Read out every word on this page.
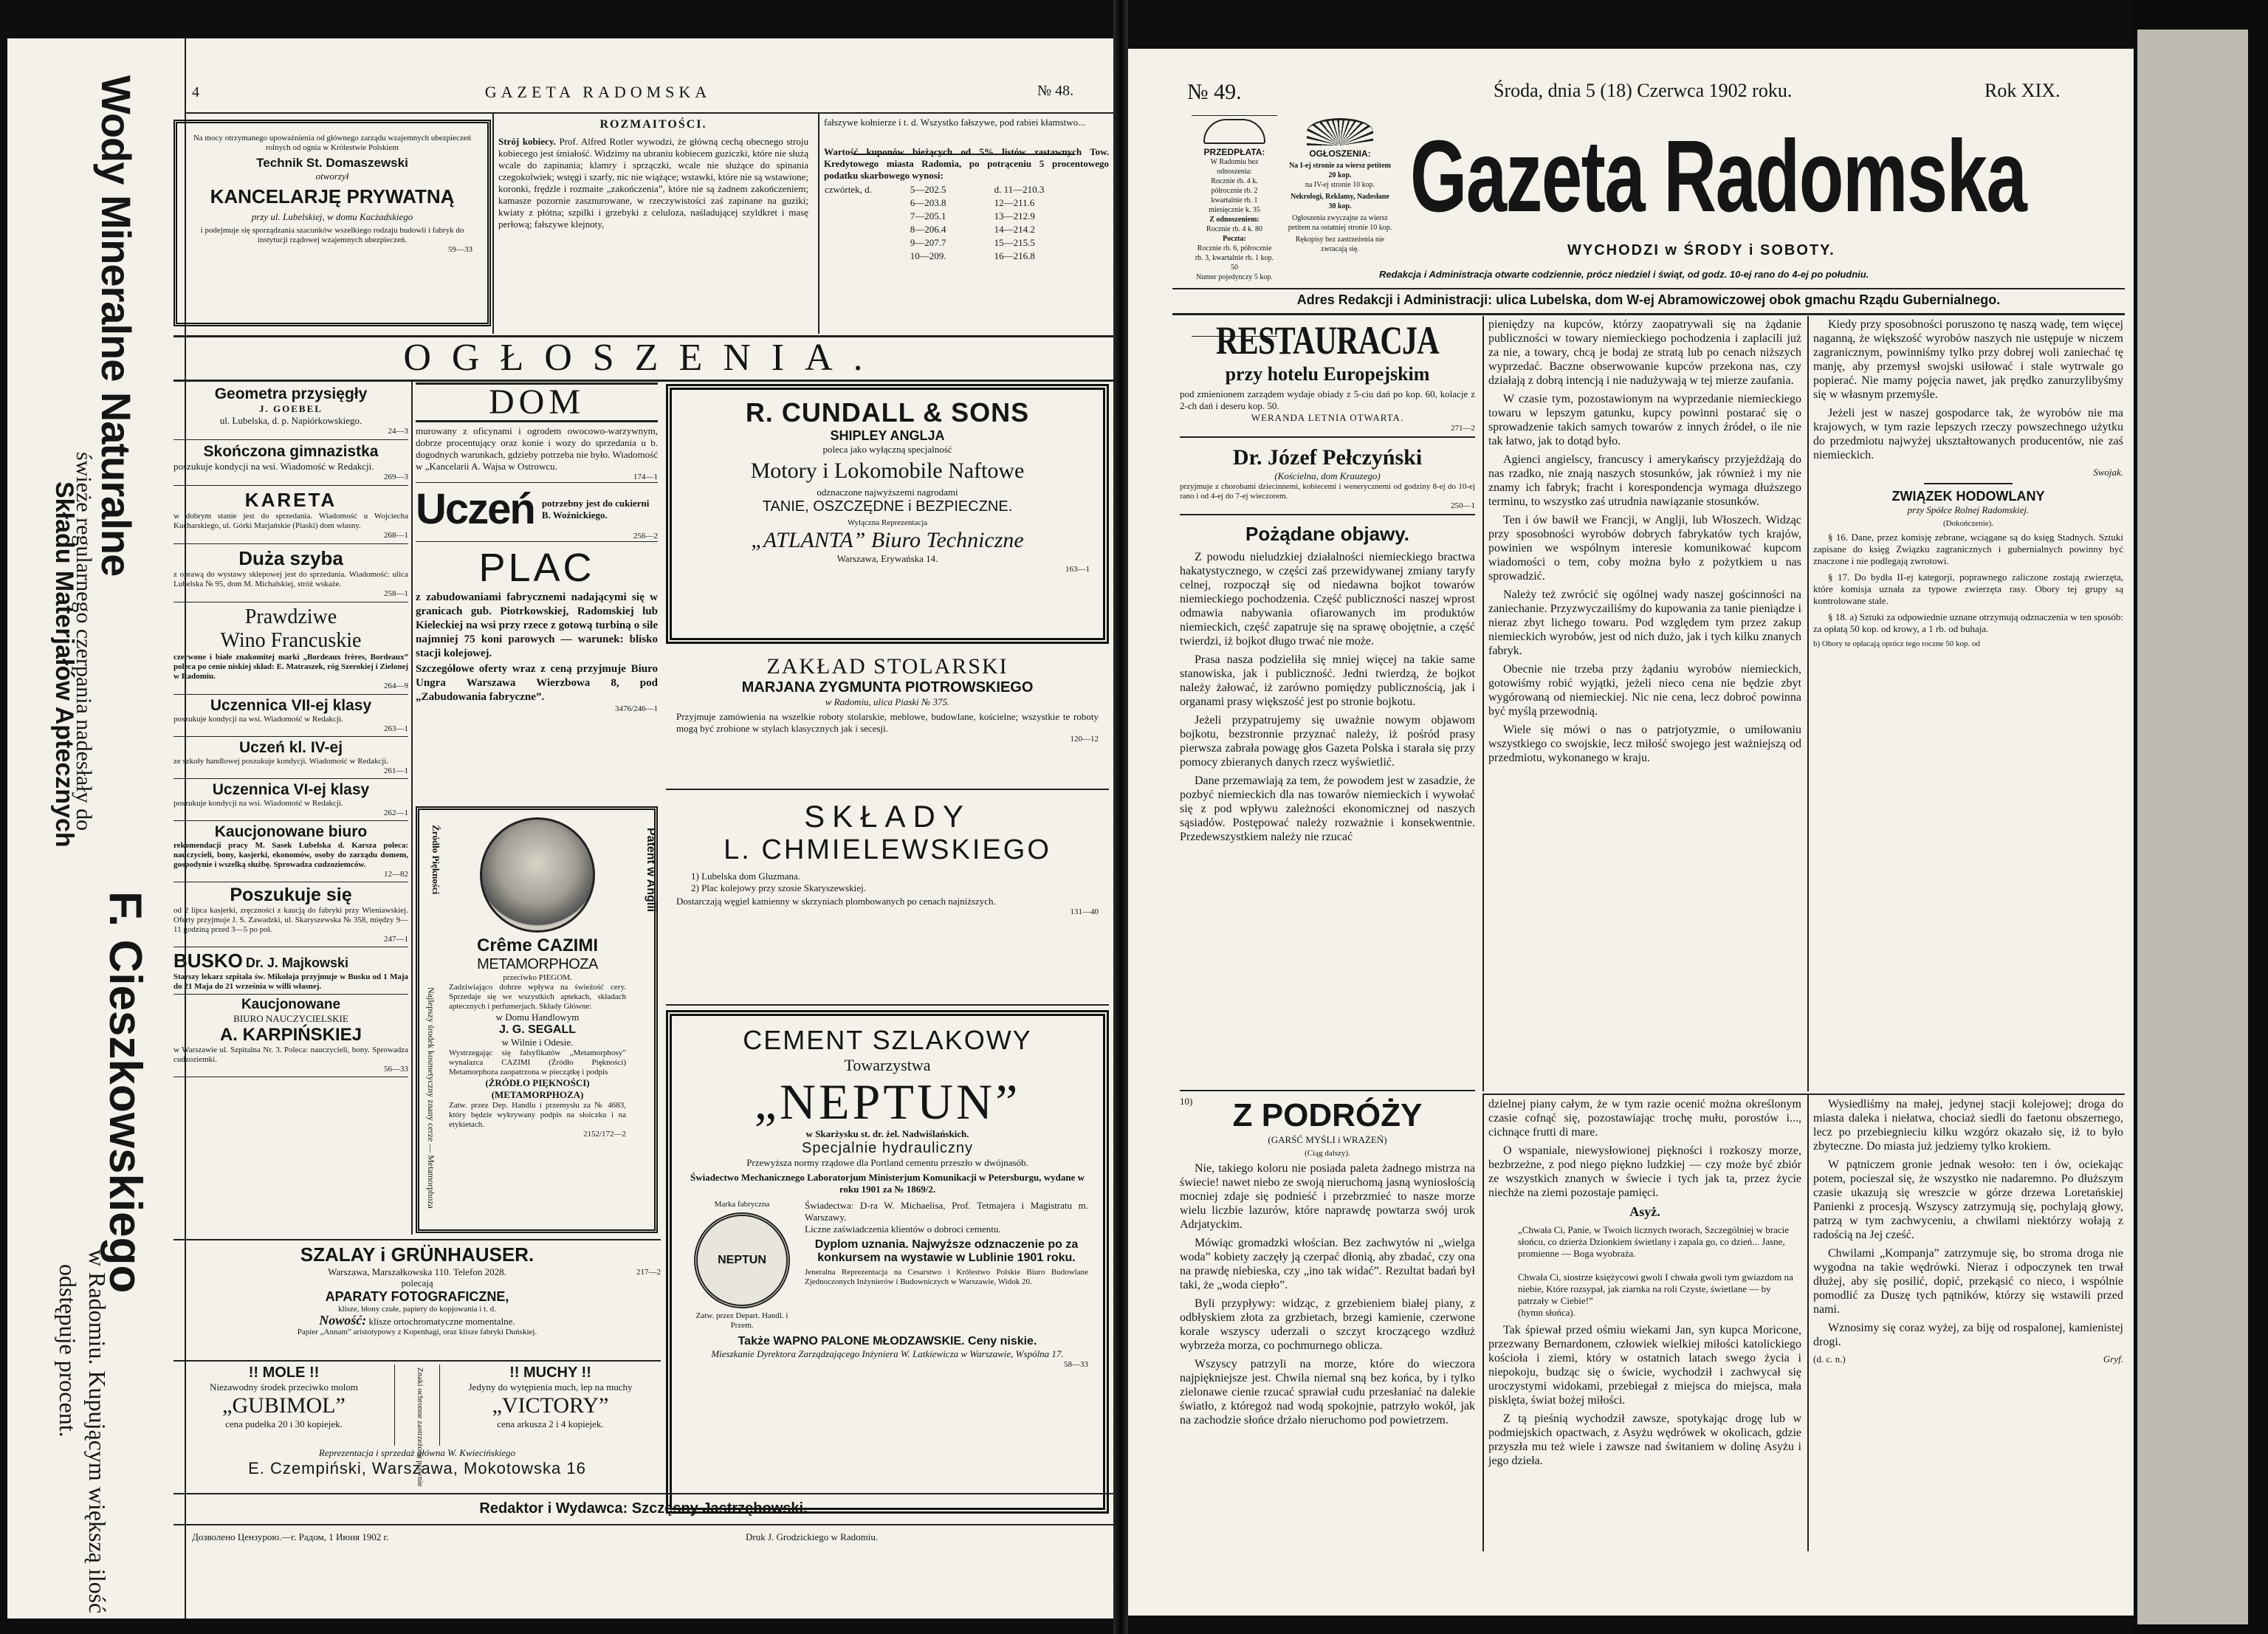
Wody Mineralne Naturalne
świeże regularnego czerpania nadesłały do
Składu Materjałów Aptecznych
F. Cieszkowskiego
w Radomiu. Kupującym większą ilość
odstępuje procent.
4	GAZETA RADOMSKA	№ 48.
Na mocy otrzymanego upoważnienia od głównego zarządu wzajemnych ubezpieczeń rolnych od ognia w Królestwie Polskiem
Technik St. Domaszewski
otworzył
KANCELARJĘ PRYWATNĄ
przy ul. Lubelskiej, w domu Kacżadskiego
i podejmuje się sporządzania szacunków wszelkiego rodzaju budowli i fabryk do instytucji rządowej wzajemnych ubezpieczeń.
59—33
ROZMAITOŚCI.
Strój kobiecy. Prof. Alfred Rotler wywodzi, że główną cechą obecnego stroju kobiecego jest śmiałość. Widzimy na ubraniu kobiecem guziczki, które nie służą wcale do zapinania; klamry i sprzączki, wcale nie służące do spinania czegokolwiek; wstęgi i szarfy, nic nie wiążące; wstawki, które nie są wstawione; koronki, frędzle i rozmaite „zakończenia”, które nie są żadnem zakończeniem; kamasze pozornie zasznurowane, w rzeczywistości zaś zapinane na guziki; kwiaty z płótna; szpilki i grzebyki z celuloza, naśladującej szyldkret i masę perłową; fałszywe klejnoty,
fałszywe kołnierze i t. d. Wszystko fałszywe, pod rabiei kłamstwo...
Wartość kuponów bieżących od 5% listów zastawnych Tow. Kredytowego miasta Radomia, po potrąceniu 5 procentowego podatku skarbowego wynosi:
czwórtek, d.	5—202.5	d. 11—210.3
	6—203.8	12—211.6
	7—205.1	13—212.9
	8—206.4	14—214.2
	9—207.7	15—215.5
	10—209.	16—216.8
OGŁOSZENIA.
Geometra przysięgły
J. GOEBEL
ul. Lubelska, d. p. Napiórkowskiego.
24—3
Skończona gimnazistka
poszukuje kondycji na wsi. Wiadomość w Redakcji.
269—3
KARETA
w dobrym stanie jest do sprzedania. Wiadomość u Wojciecha Kucharskiego, ul. Górki Marjańskie (Piaski) dom własny.
268—1
Duża szyba
z oprawą do wystawy sklepowej jest do sprzedania. Wiadomość: ulica Lubelska № 95, dom M. Michalskiej, stróż wskaże.
258—1
Prawdziwe
Wino Francuskie
czerwone i białe znakomitej marki „Bordeaux frères, Bordeaux” poleca po cenie niskiej skład: E. Matraszek, róg Szerokiej i Zielonej w Radomiu.
264—9
Uczennica VII-ej klasy
poszukuje kondycji na wsi. Wiadomość w Redakcji.
263—1
Uczeń kl. IV-ej
ze szkoły handlowej poszukuje kondycji. Wiadomość w Redakcji.
261—1
Uczennica VI-ej klasy
poszukuje kondycji na wsi. Wiadomość w Redakcji.
262—1
Kaucjonowane biuro
rekomendacji pracy M. Sasek Lubelska d. Karsza poleca: nauczycieli, bony, kasjerki, ekonomów, osoby do zarządu domem, gospodynie i wszelką służbę. Sprowadza cudzoziemców.
12—82
Poszukuje się
od 2 lipca kasjerki, zręczności z kaucją do fabryki przy Wieniawskiej. Oferty przyjmuje J. S. Zawadzki, ul. Skaryszewska № 358, między 9—11 godziną przed 3—5 po poł.
247—1
BUSKO Dr. J. Majkowski
Starszy lekarz szpitala św. Mikołaja przyjmuje w Busku od 1 Maja do 21 Maja do 21 września w willi własnej.
Kaucjonowane
BIURO NAUCZYCIELSKIE
A. KARPIŃSKIEJ
w Warszawie ul. Szpitalna Nr. 3. Poleca: nauczycieli, bony. Sprowadza cudzoziemki.
56—33
DOM
murowany z oficynami i ogrodem owocowo-warzywnym, dobrze procentujący oraz konie i wozy do sprzedania u b. dogodnych warunkach, gdzieby potrzeba nie było. Wiadomość w „Kancelarii A. Wajsa w Ostrowcu.
174—1
Uczeń potrzebny jest do cukierni B. Woźnickiego.
256—2
PLAC
z zabudowaniami fabrycznemi nadającymi się w granicach gub. Piotrkowskiej, Radomskiej lub Kieleckiej na wsi przy rzece z gotową turbiną o sile najmniej 75 koni parowych — warunek: blisko stacji kolejowej.
Szczegółowe oferty wraz z ceną przyjmuje Biuro Ungra Warszawa Wierzbowa 8, pod „Zabudowania fabryczne”.
3476/246—1
Źródło Piękności	Patent w Anglii
Najlepszy środek kosmetyczny znany cerze — Metamorphoza
Crême CAZIMI
METAMORPHOZA
przeciwko PIEGOM.
Zadziwiająco dobrze wpływa na świeżość cery. Sprzedaje się we wszystkich aptekach, składach aptecznych i perfumerjach. Składy Główne:
w Domu Handlowym
J. G. SEGALL
w Wilnie i Odesie.
Wystrzegając się falsyfikatów „Metamorphosy” wynalazca CAZIMI (Źródło Piękności) Metamorphoza zaopatrzona w pieczątkę i podpis
(ŹRÓDŁO PIĘKNOŚCI) (METAMORPHOZA)
Zatw. przez Dep. Handlu i przemysłu za № 4683, który będzie wykrywany podpis na słoiczku i na etykietach.
2152/172—2
R. CUNDALL & SONS
SHIPLEY ANGLJA
poleca jako wyłączną specjalność
Motory i Lokomobile Naftowe
odznaczone najwyższemi nagrodami
TANIE, OSZCZĘDNE i BEZPIECZNE.
Wyłączna Reprezentacja
„ATLANTA” Biuro Techniczne
Warszawa, Erywańska 14.
163—1
ZAKŁAD STOLARSKI
MARJANA ZYGMUNTA PIOTROWSKIEGO
w Radomiu, ulica Piaski № 375.
Przyjmuje zamówienia na wszelkie roboty stolarskie, meblowe, budowlane, kościelne; wszystkie te roboty mogą być zrobione w stylach klasycznych jak i secesji.
120—12
SKŁADY
L. CHMIELEWSKIEGO
1) Lubelska dom Gluzmana.
2) Plac kolejowy przy szosie Skaryszewskiej.
Dostarczają węgiel kamienny w skrzyniach plombowanych po cenach najniższych.
131—40
CEMENT SZLAKOWY
Towarzystwa
„NEPTUN”
w Skarżysku st. dr. żel. Nadwiślańskich.
Specjalnie hydrauliczny
Przewyższa normy rządowe dla Portland cementu przeszło w dwójnasób.
Świadectwo Mechanicznego Laboratorjum Ministerjum Komunikacji w Petersburgu, wydane w roku 1901 za № 1869/2.
Marka fabryczna
NEPTUN
Zatw. przez Depart. Handl. i Przem.
Świadectwa: D-ra W. Michaelisa, Prof. Tetmajera i Magistratu m. Warszawy.
Liczne zaświadczenia klientów o dobroci cementu.
Dyplom uznania. Najwyższe odznaczenie po za konkursem na wystawie w Lublinie 1901 roku.
Jeneralna Reprezentacja na Cesarstwo i Królestwo Polskie Biuro Budowlane Zjednoczonych Inżynierów i Budowniczych w Warszawie, Widok 20.
Także WAPNO PALONE MŁODZAWSKIE. Ceny niskie.
Mieszkanie Dyrektora Zarządzającego Inżyniera W. Latkiewicza w Warszawie, Wspólna 17.
58—33
SZALAY i GRÜNHAUSER.
Warszawa, Marszałkowska 110. Telefon 2028.	217—2
polecają
APARATY FOTOGRAFICZNE,
klisze, błony czułe, papiery do kopjowania i t. d.
Nowość: klisze ortochromatyczne momentalne.
Papier „Annam” aristotypowy z Kopenhagi, oraz klisze fabryki Duńskiej.
!! MOLE !!
Niezawodny środek przeciwko molom
„GUBIMOL”
cena pudełka 20 i 30 kopiejek.	Znaki ochronne zastrzeżone prawnie	!! MUCHY !!
Jedyny do wytępienia much, lep na muchy
„VICTORY”
cena arkusza 2 i 4 kopiejek.
Reprezentacja i sprzedaż główna W. Kwiecińskiego
E. Czempiński, Warszawa, Mokotowska 16
Redaktor i Wydawca: Szczęsny Jastrzębowski.
Дозволено Цензурою.—г. Радом, 1 Июня 1902 г.	Druk J. Grodzickiego w Radomiu.
№ 49.	Środa, dnia 5 (18) Czerwca 1902 roku.	Rok XIX.
PRZEDPŁATA:
W Radomiu bez odnoszenia:
Rocznie rb. 4 k.
półrocznie rb. 2
kwartalnie rb. 1
miesięcznie k. 35
Z odnoszeniem:
Rocznie rb. 4 k. 80
Poczta:
Rocznie rb. 6, półrocznie rb. 3, kwartalnie rb. 1 kop. 50
Numer pojedynczy 5 kop.
OGŁOSZENIA:
Na I-ej stronie za wiersz petitem 20 kop.
na IV-ej stronie 10 kop.
Nekrologi, Reklamy, Nadesłane 30 kop.
Ogłoszenia zwyczajne za wiersz petitem na ostatniej stronie 10 kop.
Rękopisy bez zastrzeżenia nie zwracają się.
Gazeta Radomska
WYCHODZI w ŚRODY i SOBOTY.
Redakcja i Administracja otwarte codziennie, prócz niedziel i świąt, od godz. 10-ej rano do 4-ej po południu.
Adres Redakcji i Administracji: ulica Lubelska, dom W-ej Abramowiczowej obok gmachu Rządu Gubernialnego.
RESTAURACJA
przy hotelu Europejskim
pod zmienionem zarządem wydaje obiady z 5-ciu dań po kop. 60, kolacje z 2-ch dań i deseru kop. 50.
WERANDA LETNIA OTWARTA.
271—2
Dr. Józef Pełczyński
(Kościelna, dom Krauzego)
przyjmuje z chorobami dziecinnemi, kobiecemi i wenerycznemi od godziny 8-ej do 10-ej rano i od 4-ej do 7-ej wieczorem.
250—1
Pożądane objawy.
Z powodu nieludzkiej działalności niemieckiego bractwa hakatystycznego, w części zaś przewidywanej zmiany taryfy celnej, rozpoczął się od niedawna bojkot towarów niemieckiego pochodzenia. Część publiczności naszej wprost odmawia nabywania ofiarowanych im produktów niemieckich, część zapatruje się na sprawę obojętnie, a część twierdzi, iż bojkot długo trwać nie może.
Prasa nasza podzieliła się mniej więcej na takie same stanowiska, jak i publiczność. Jedni twierdzą, że bojkot należy żałować, iż zarówno pomiędzy publicznością, jak i organami prasy większość jest po stronie bojkotu.
Jeżeli przypatrujemy się uważnie nowym objawom bojkotu, bezstronnie przyznać należy, iż pośród prasy pierwsza zabrała powagę głos Gazeta Polska i starała się przy pomocy zbieranych danych rzecz wyświetlić.
Dane przemawiają za tem, że powodem jest w zasadzie, że pozbyć niemieckich dla nas towarów niemieckich i wywołać się z pod wpływu zależności ekonomicznej od naszych sąsiadów. Postępować należy rozważnie i konsekwentnie. Przedewszystkiem należy nie rzucać
pieniędzy na kupców, którzy zaopatrywali się na żądanie publiczności w towary niemieckiego pochodzenia i zaplacili już za nie, a towary, chcą je bodaj ze stratą lub po cenach niższych wyprzedać. Baczne obserwowanie kupców przekona nas, czy działają z dobrą intencją i nie nadużywają w tej mierze zaufania.
W czasie tym, pozostawionym na wyprzedanie niemieckiego towaru w lepszym gatunku, kupcy powinni postarać się o sprowadzenie takich samych towarów z innych źródeł, o ile nie tak łatwo, jak to dotąd było.
Agienci angielscy, francuscy i amerykańscy przyjeżdżają do nas rzadko, nie znają naszych stosunków, jak również i my nie znamy ich fabryk; fracht i korespondencja wymaga dłuższego terminu, to wszystko zaś utrudnia nawiązanie stosunków.
Ten i ów bawił we Francji, w Anglji, lub Włoszech. Widząc przy sposobności wyrobów dobrych fabrykatów tych krajów, powinien we wspólnym interesie komunikować kupcom wiadomości o tem, coby można było z pożytkiem u nas sprowadzić.
Należy też zwrócić się ogólnej wady naszej gościnności na zaniechanie. Przyzwyczailiśmy do kupowania za tanie pieniądze i nieraz zbyt lichego towaru. Pod względem tym przez zakup niemieckich wyrobów, jest od nich dużo, jak i tych kilku znanych fabryk.
Obecnie nie trzeba przy żądaniu wyrobów niemieckich, gotowiśmy robić wyjątki, jeżeli nieco cena nie będzie zbyt wygórowaną od niemieckiej. Nic nie cena, lecz dobroć powinna być myślą przewodnią.
Wiele się mówi o nas o patrjotyzmie, o umiłowaniu wszystkiego co swojskie, lecz miłość swojego jest ważniejszą od przedmiotu, wykonanego w kraju.
Kiedy przy sposobności poruszono tę naszą wadę, tem więcej naganną, że większość wyrobów naszych nie ustępuje w niczem zagranicznym, powinniśmy tylko przy dobrej woli zaniechać tę manję, aby przemysł swojski usiłować i stale wytrwale go popierać. Nie mamy pojęcia nawet, jak prędko zanurzylibyśmy się w własnym przemyśle.
Jeżeli jest w naszej gospodarce tak, że wyrobów nie ma krajowych, w tym razie lepszych rzeczy powszechnego użytku do przedmiotu najwyżej ukształtowanych producentów, nie zaś niemieckich.
Swojak.
ZWIĄZEK HODOWLANY
przy Spółce Rolnej Radomskiej.
(Dokończenie).
§ 16. Dane, przez komisję zebrane, wciągane są do księg Stadnych. Sztuki zapisane do księg Związku zagranicznych i gubernialnych powinny być znaczone i nie podlegają zwrotowi.
§ 17. Do bydła II-ej kategorji, poprawnego zaliczone zostają zwierzęta, które komisja uznała za typowe zwierzęta rasy. Obory tej grupy są kontrolowane stale.
§ 18. a) Sztuki za odpowiednie uznane otrzymują odznaczenia w ten sposób: za opłatą 50 kop. od krowy, a 1 rb. od buhaja.
b) Obory te opłacają oprócz tego roczne 50 kop. od
10)	Z PODRÓŻY
(GARŚĆ MYŚLI i WRAŻEŃ)
(Ciąg dalszy).
Nie, takiego koloru nie posiada paleta żadnego mistrza na świecie! nawet niebo ze swoją nieruchomą jasną wyniosłością mocniej zdaje się podnieść i przebrzmieć to nasze morze wielu liczbie lazurów, które naprawdę powtarza swój urok Adrjatyckim.
Mówiąc gromadzki włościan. Bez zachwytów ni „wielga woda” kobiety zaczęły ją czerpać dłonią, aby zbadać, czy ona na prawdę niebieska, czy „ino tak widać”. Rezultat badań był taki, że „woda ciepło”.
Byli przypływy: widząc, z grzebieniem białej piany, z odbłyskiem złota za grzbietach, brzegi kamienie, czerwone korale wszyscy uderzali o szczyt kroczącego wzdłuż wybrzeża morza, co pochmurnego oblicza.
Wszyscy patrzyli na morze, które do wieczora najpiękniejsze jest. Chwila niemal sną bez końca, by i tylko zielonawe cienie rzucać sprawiał cudu przesłaniać na dalekie światło, z któregoż nad wodą spokojnie, patrzyło wokół, jak na zachodzie słońce drżało nieruchomo pod powietrzem.
dzielnej piany całym, że w tym razie ocenić można określonym czasie cofnąć się, pozostawiając trochę mułu, porostów i..., cichnące frutti di mare.
O wspaniale, niewysłowionej piękności i rozkoszy morze, bezbrzeżne, z pod niego piękno ludzkiej — czy może być zbiór ze wszystkich znanych w świecie i tych jak ta, przez życie niechże na ziemi pozostaje pamięci.
Asyż.
„Chwała Ci, Panie, w Twoich licznych tworach, Szczególniej w bracie słońcu, co dzierża Dzionkiem świetlany i zapala go, co dzień... Jasne, promienne — Boga wyobraża.

Chwała Ci, siostrze księżycowi gwoli I chwała gwoli tym gwiazdom na niebie, Które rozsypał, jak ziarnka na roli Czyste, świetlane — by patrzały w Ciebie!”
(hymn słońca).
Tak śpiewał przed ośmiu wiekami Jan, syn kupca Moricone, przezwany Bernardonem, człowiek wielkiej miłości katolickiego kościoła i ziemi, który w ostatnich latach swego życia i niepokoju, budząc się o świcie, wychodził i zachwycał się uroczystymi widokami, przebiegał z miejsca do miejsca, mała pisklęta, świat bożej miłości.
Z tą pieśnią wychodził zawsze, spotykając drogę lub w podmiejskich opactwach, z Asyżu wędrówek w okolicach, gdzie przyszła mu też wiele i zawsze nad świtaniem w dolinę Asyżu i jego dzieła.
Wysiedliśmy na małej, jedynej stacji kolejowej; droga do miasta daleka i niełatwa, chociaż siedli do faetonu obszernego, lecz po przebiegnieciu kilku wzgórz okazało się, iż to było zbyteczne. Do miasta już jedziemy tylko krokiem.
W pątniczem gronie jednak wesoło: ten i ów, ociekając potem, pocieszał się, że wszystko nie nadaremno. Po dłuższym czasie ukazują się wreszcie w górze drzewa Loretańskiej Panienki z procesją. Wszyscy zatrzymują się, pochylają głowy, patrzą w tym zachwyceniu, a chwilami niektórzy wołają z radością na Jej cześć.
Chwilami „Kompanja” zatrzymuje się, bo stroma droga nie wygodna na takie wędrówki. Nieraz i odpoczynek ten trwał dłużej, aby się posilić, dopić, przekąsić co nieco, i wspólnie pomodlić za Duszę tych pątników, którzy się wstawili przed nami.
Wznosimy się coraz wyżej, za biję od rospalonej, kamienistej drogi.
(d. c. n.)	Gryf.
